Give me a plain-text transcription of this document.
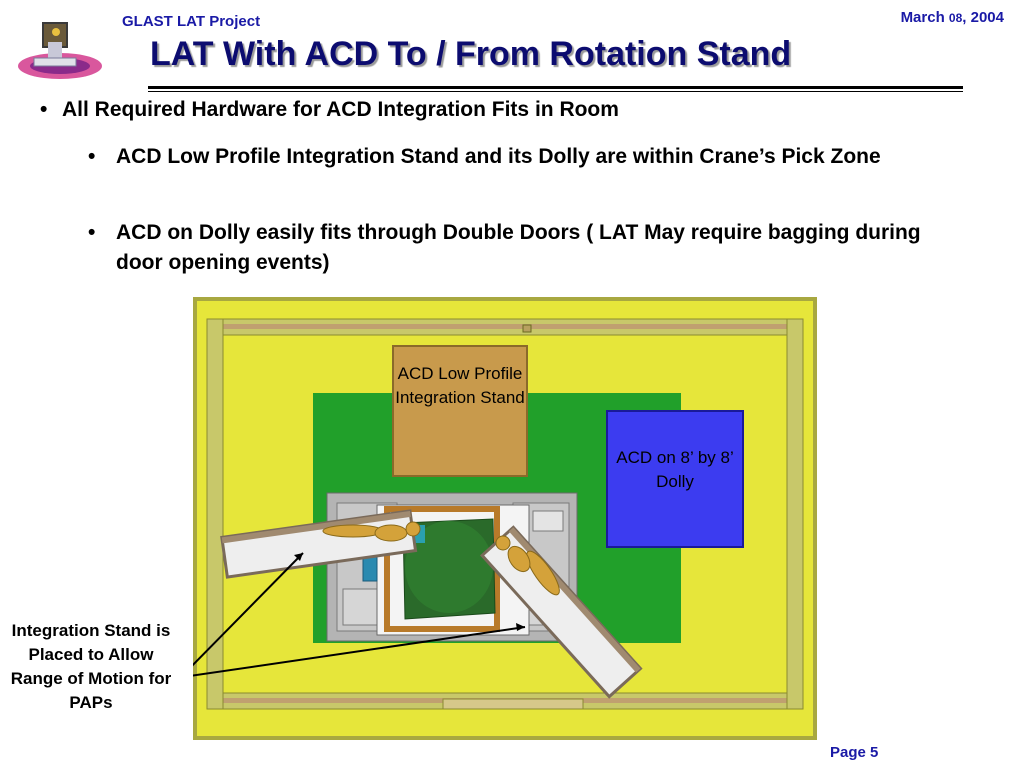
GLAST LAT Project	March 08, 2004
LAT With ACD To / From Rotation Stand
• All Required Hardware for ACD Integration Fits in Room
• ACD Low Profile Integration Stand and its Dolly are within Crane’s Pick Zone
• ACD on Dolly easily fits through Double Doors ( LAT May require bagging during door opening events)
ACD Low Profile Integration Stand
ACD on 8’ by 8’ Dolly
Integration Stand is Placed to Allow Range of Motion for PAPs
Page 5
